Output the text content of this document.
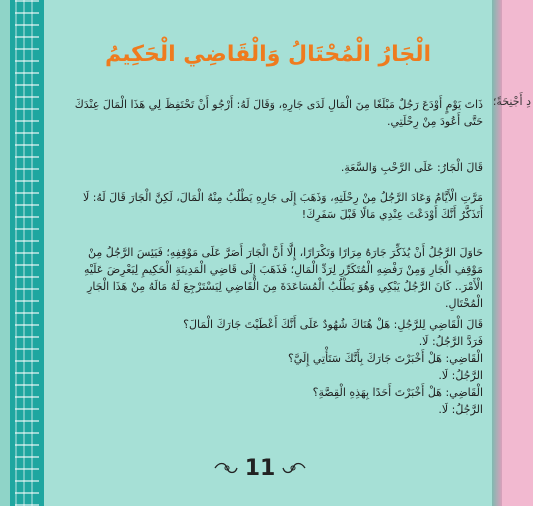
الْجَارُ الْمُحْتَالُ وَالْقَاضِي الْحَكِيمُ
ذَاتَ يَوْمٍ أَوْدَعَ رَجُلٌ مَبْلَغًا مِنَ الْمَالِ لَدَى جَارِهِ، وَقَالَ لَهُ: أَرْجُو أَنْ تَحْتَفِظَ لِي هَذَا الْمَالَ عِنْدَكَ حَتَّى أَعُودَ مِنْ رِحْلَتِي.
قَالَ الْجَارُ: عَلَى الرَّحْبِ وَالسَّعَةِ.
مَرَّتِ الْأَيَّامُ وَعَادَ الرَّجُلُ مِنْ رِحْلَتِهِ، وَذَهَبَ إِلَى جَارِهِ يَطْلُبُ مِنْهُ الْمَالَ، لَكِنَّ الْجَارَ قَالَ لَهُ: لَا أَتَذَكَّرُ أَنَّكَ أَوْدَعْتَ عِنْدِي مَالًا قَبْلَ سَفَرِكَ!
حَاوَلَ الرَّجُلُ أَنْ يُذَكِّرَ جَارَهُ مِرَارًا وَتَكْرَارًا، إِلَّا أَنَّ الْجَارَ أَصَرَّ عَلَى مَوْقِفِهِ؛ فَيَئِسَ الرَّجُلُ مِنْ مَوْقِفِ الْجَارِ وَمِنْ رَفْضِهِ الْمُتَكَرِّرِ لِرَدِّ الْمَالِ؛ فَذَهَبَ إِلَى قَاضِي الْمَدِينَةِ الْحَكِيمِ لِيَعْرِضَ عَلَيْهِ الْأَمْرَ.. كَانَ الرَّجُلُ يَبْكِي وَهُوَ يَطْلُبُ الْمُسَاعَدَةَ مِنَ الْقَاضِي لِيَسْتَرْجِعَ لَهُ مَالَهُ مِنْ هَذَا الْجَارِ الْمُحْتَالِ.
قَالَ الْقَاضِي لِلرَّجُلِ: هَلْ هُنَاكَ شُهُودٌ عَلَى أَنَّكَ أَعْطَيْتَ جَارَكَ الْمَالَ؟
فَرَدَّ الرَّجُلُ: لَا.
الْقَاضِي: هَلْ أَخْبَرْتَ جَارَكَ بِأَنَّكَ سَتَأْتِي إِلَيَّ؟
الرَّجُلُ: لَا.
الْقَاضِي: هَلْ أَخْبَرْتَ أَحَدًا بِهَذِهِ الْقِصَّةِ؟
الرَّجُلُ: لَا.
11
دِ أَجْنِحَةً؛
